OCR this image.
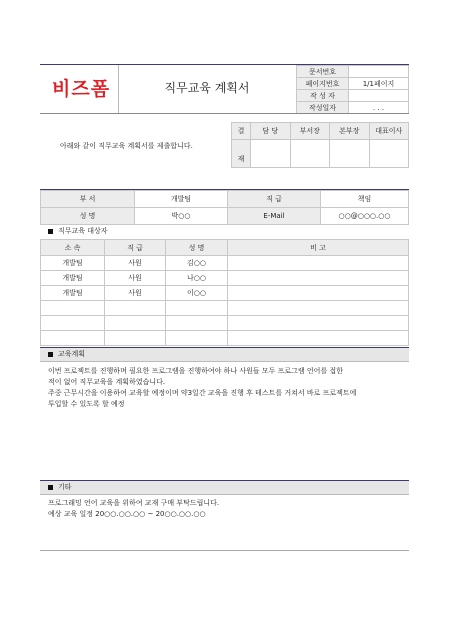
비즈폼	직무교육 계획서
문서번호	
페이지번호	1/1페이지
작 성 자	
작성일자	. . .
아래와 같이 직무교육 계획서를 제출합니다.
결	담 당	부서장	본부장	대표이사
재				
부 서	개발팀	직 급	책임
성 명	박○○	E-Mail	○○@○○○.○○
직무교육 대상자
소 속	직 급	성 명	비 고
개발팀	사원	김○○	
개발팀	사원	나○○	
개발팀	사원	이○○	

교육계획
이번 프로젝트를 진행하며 필요한 프로그램을 진행하여야 하나 사원들 모두 프로그램 언어를 접한
적이 없어 직무교육을 계획하였습니다.
주중 근무시간을 이용하여 교육할 예정이며 약3일간 교육을 진행 후 테스트를 거쳐서 바로 프로젝트에
투입할 수 있도록 할 예정
기타
프로그래밍 언어 교육을 위하여 교재 구매 부탁드립니다.
예상 교육 일정 20○○.○○.○○ ~ 20○○.○○.○○
